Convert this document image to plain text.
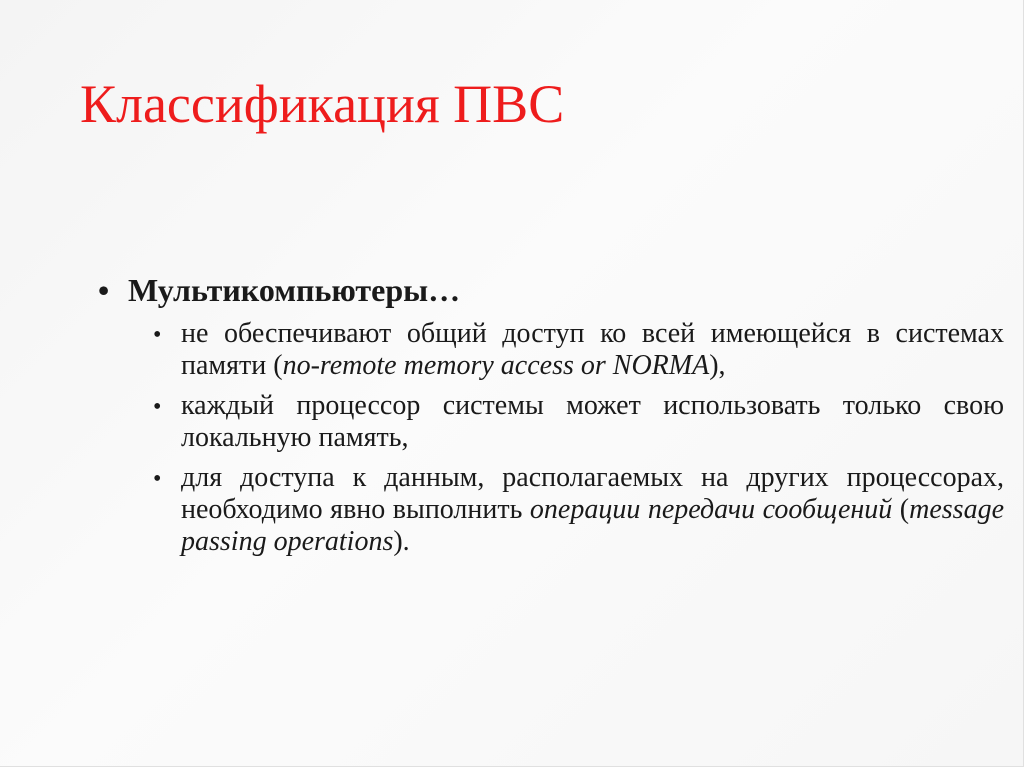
Классификация ПВС
• Мультикомпьютеры…
• не обеспечивают общий доступ ко всей имеющейся в системах памяти (no-remote memory access or NORMA),
• каждый процессор системы может использовать только свою локальную память,
• для доступа к данным, располагаемых на других процессорах, необходимо явно выполнить операции передачи сообщений (message passing operations).
